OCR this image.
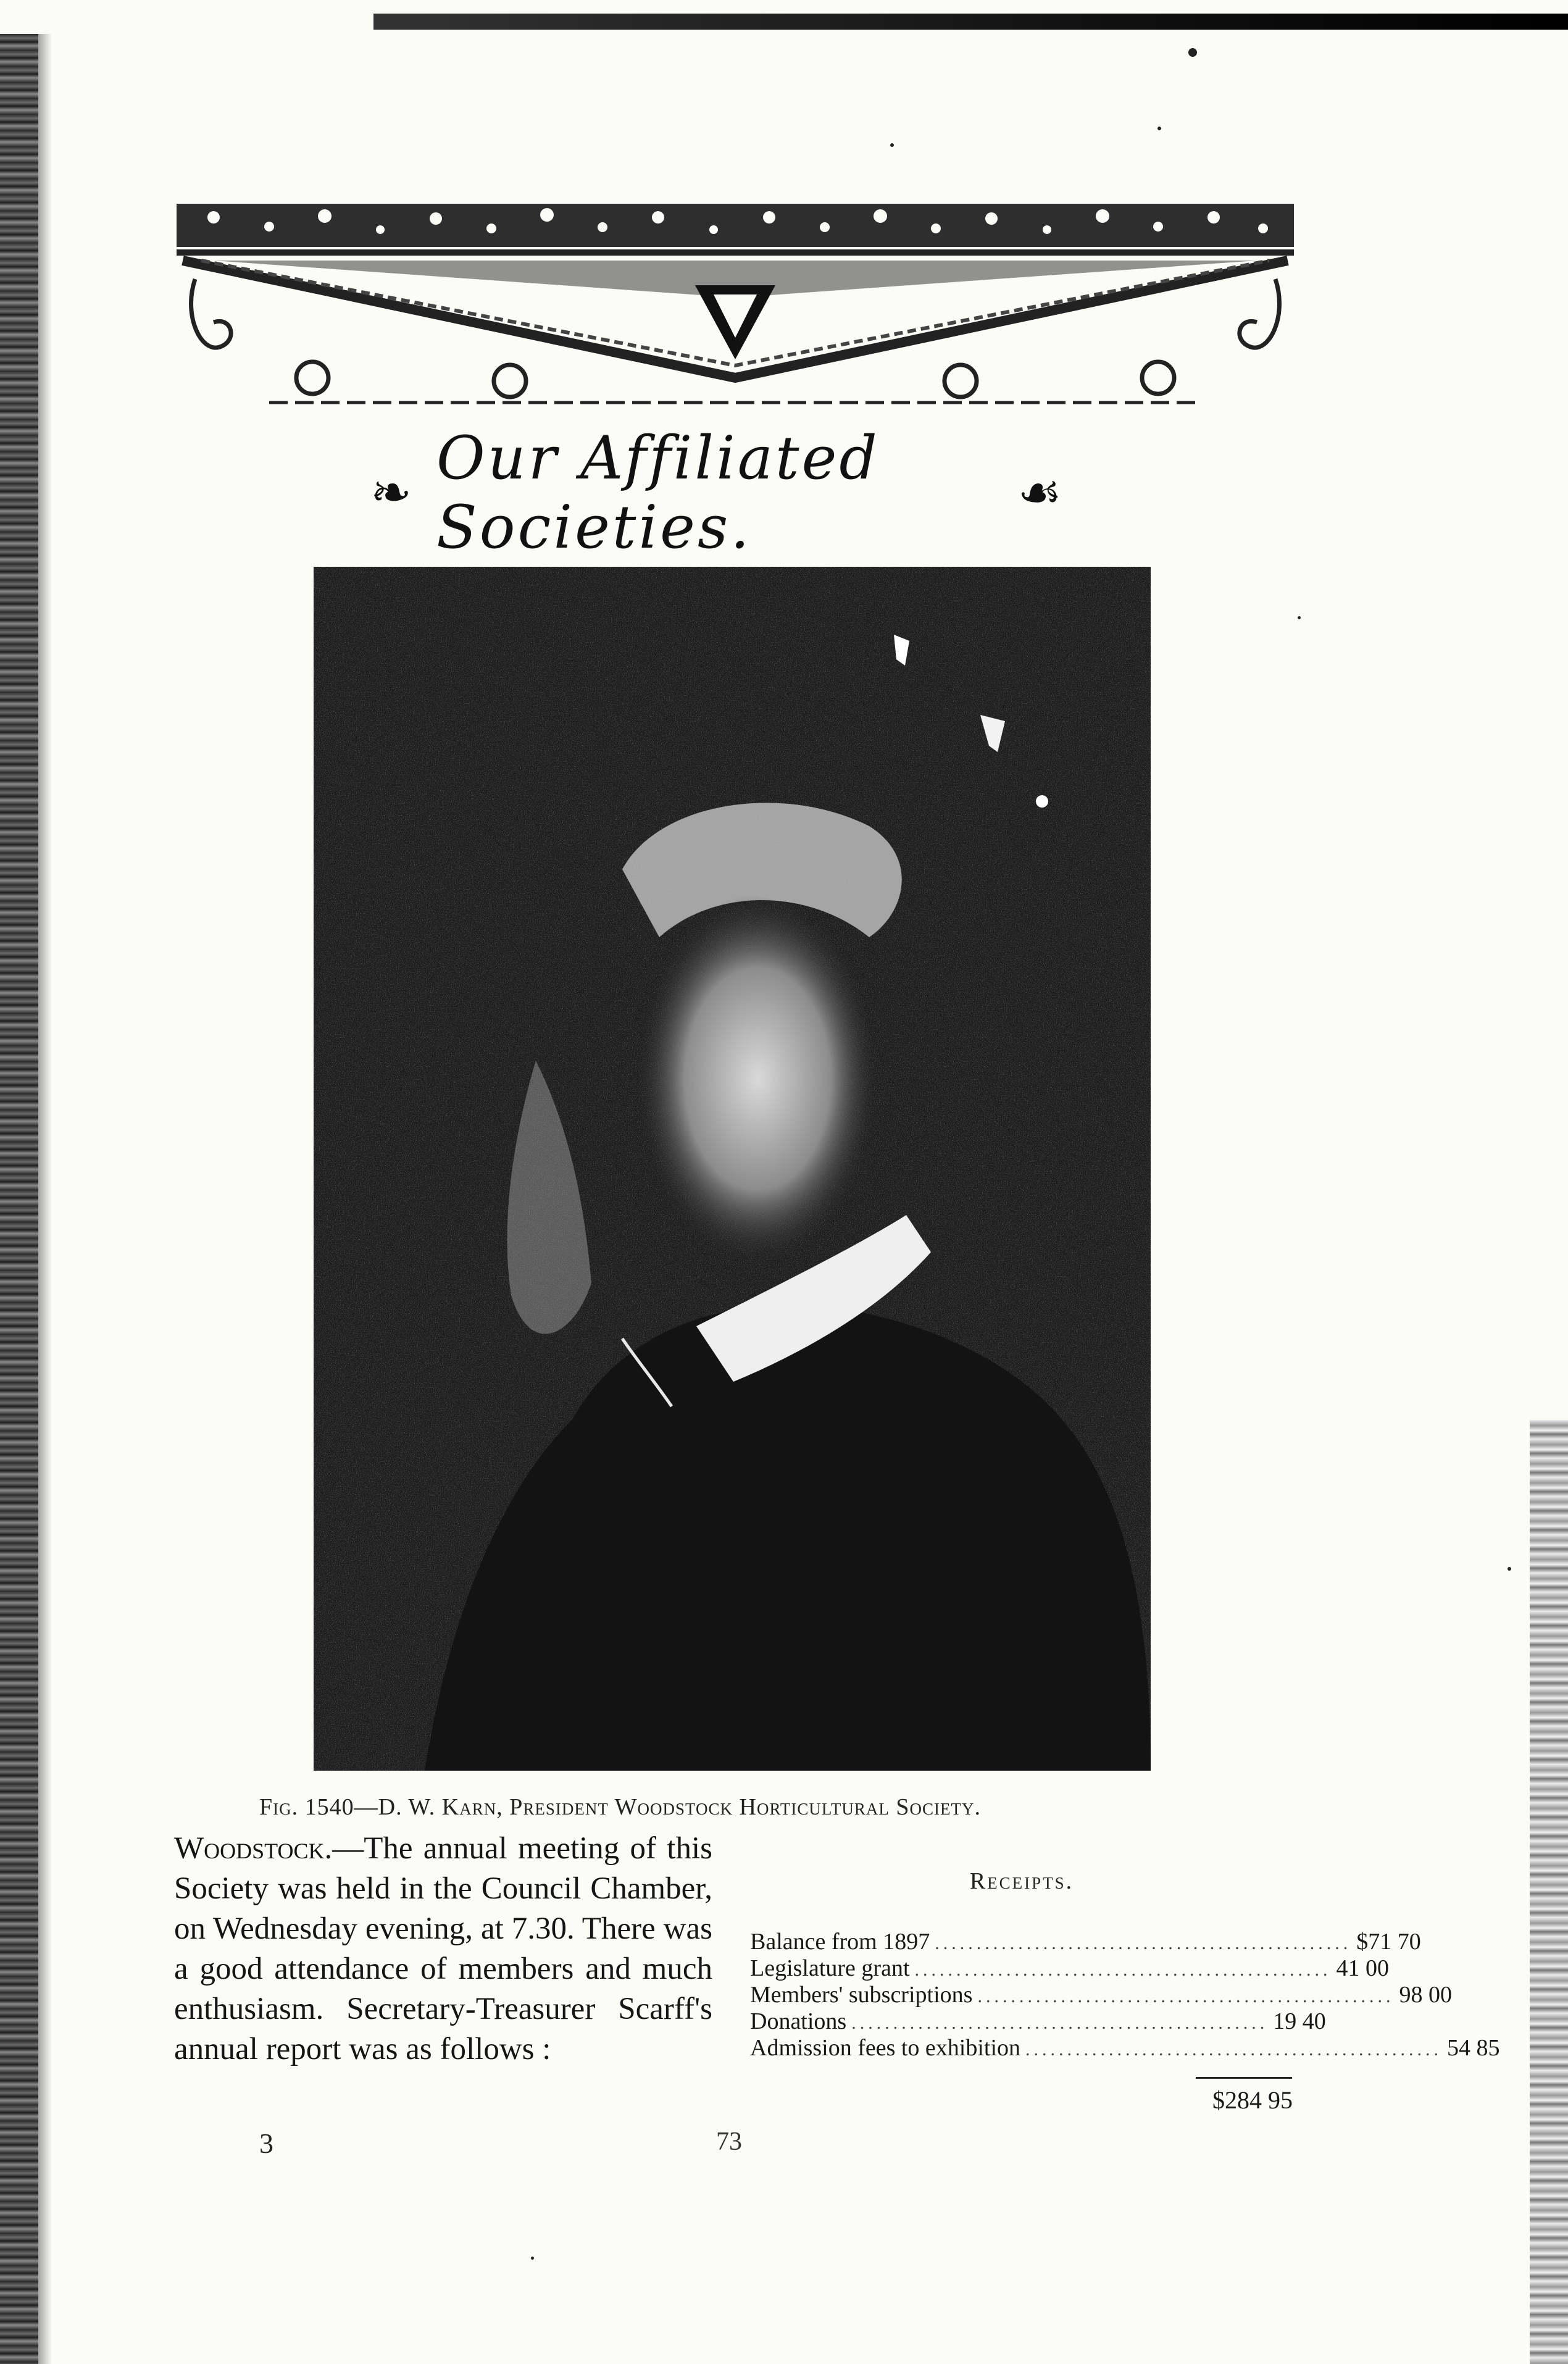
❧
Our Affiliated Societies.	☙
Fig. 1540—D. W. Karn, President Woodstock Horticultural Society.
Woodstock.—The annual meeting of this Society was held in the Council Chamber, on Wednesday evening, at 7.30. There was a good attendance of members and much enthusiasm. Secretary-Treasurer Scarff's annual report was as follows :
Receipts.
Balance from 1897 .................................................. $71 70
Legislature grant .................................................. 41 00
Members' subscriptions .................................................. 98 00
Donations .................................................. 19 40
Admission fees to exhibition .................................................. 54 85
$284 95
3	73
